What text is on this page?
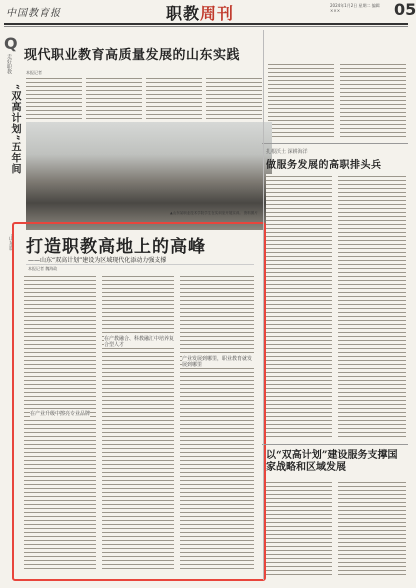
中国教育报	职教周刊	2024年1月2日 星期二 编辑 ×××	05
Q
走好职教
“双高计划”五年间
·山东篇
现代职业教育高质量发展的山东实践
本报记者
▲山东某职业技术学院学生在实训室开展实训。 资料图片
扎根沃土 深耕海洋
做服务发展的高职排头兵
打造职教高地上的高峰
——山东“双高计划”建设为区域现代化添动力强支撑
本报记者 魏海政
在产业升级中擦亮专业品牌
在产教融合、科教融汇中培养复合型人才
产业发展到哪里，职业教育就发展到哪里
以“双高计划”建设服务支撑国家战略和区域发展
